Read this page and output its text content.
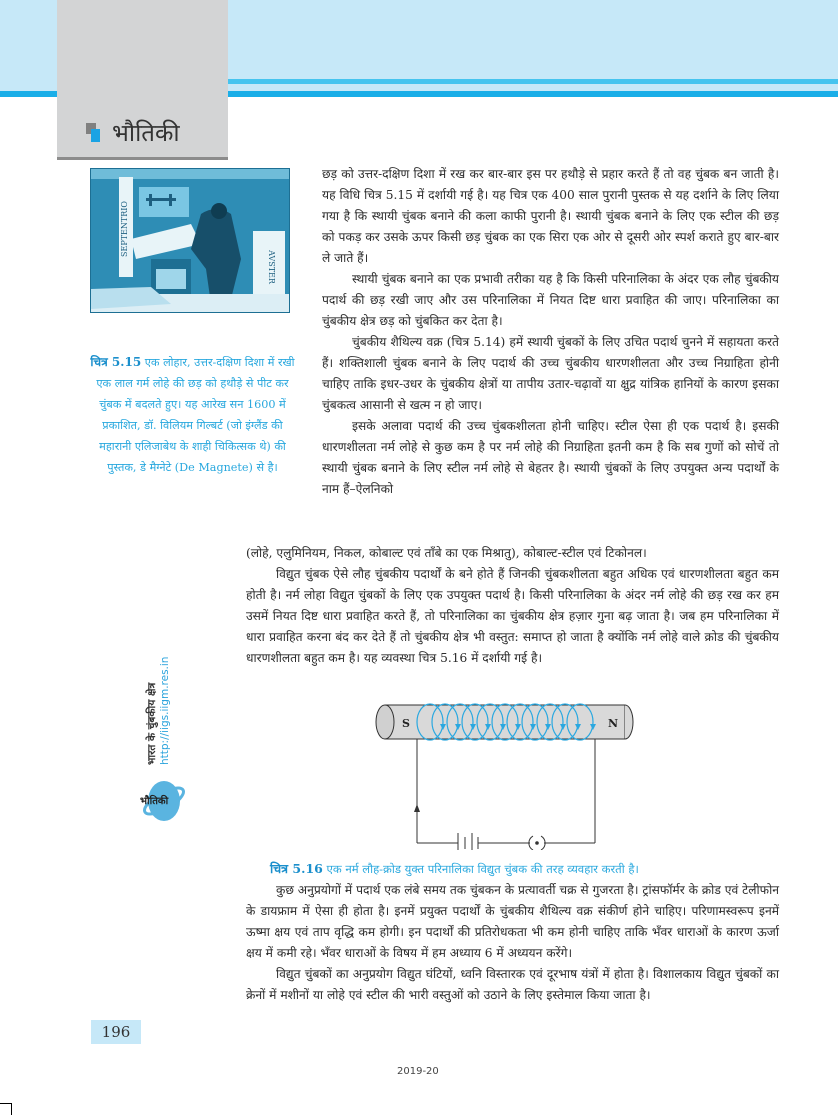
भौतिकी
SEPTENTRIO
AVSTER
चित्र 5.15 एक लोहार, उत्तर-दक्षिण दिशा में रखी एक लाल गर्म लोहे की छड़ को हथौड़े से पीट कर चुंबक में बदलते हुए। यह आरेख सन 1600 में प्रकाशित, डॉ. विलियम गिल्बर्ट (जो इंग्लैंड की महारानी एलिजाबेथ के शाही चिकित्सक थे) की पुस्तक, डे मैग्नेटे (De Magnete) से है।

छड़ को उत्तर-दक्षिण दिशा में रख कर बार-बार इस पर हथौड़े से प्रहार करते हैं तो वह चुंबक बन जाती है। यह विधि चित्र 5.15 में दर्शायी गई है। यह चित्र एक 400 साल पुरानी पुस्तक से यह दर्शाने के लिए लिया गया है कि स्थायी चुंबक बनाने की कला काफी पुरानी है। स्थायी चुंबक बनाने के लिए एक स्टील की छड़ को पकड़ कर उसके ऊपर किसी छड़ चुंबक का एक सिरा एक ओर से दूसरी ओर स्पर्श कराते हुए बार-बार ले जाते हैं।

स्थायी चुंबक बनाने का एक प्रभावी तरीका यह है कि किसी परिनालिका के अंदर एक लौह चुंबकीय पदार्थ की छड़ रखी जाए और उस परिनालिका में नियत दिष्ट धारा प्रवाहित की जाए। परिनालिका का चुंबकीय क्षेत्र छड़ को चुंबकित कर देता है।

चुंबकीय शैथिल्य वक्र (चित्र 5.14) हमें स्थायी चुंबकों के लिए उचित पदार्थ चुनने में सहायता करते हैं। शक्तिशाली चुंबक बनाने के लिए पदार्थ की उच्च चुंबकीय धारणशीलता और उच्च निग्राहिता होनी चाहिए ताकि इधर-उधर के चुंबकीय क्षेत्रों या तापीय उतार-चढ़ावों या क्षुद्र यांत्रिक हानियों के कारण इसका चुंबकत्व आसानी से खत्म न हो जाए।

इसके अलावा पदार्थ की उच्च चुंबकशीलता होनी चाहिए। स्टील ऐसा ही एक पदार्थ है। इसकी धारणशीलता नर्म लोहे से कुछ कम है पर नर्म लोहे की निग्राहिता इतनी कम है कि सब गुणों को सोचें तो स्थायी चुंबक बनाने के लिए स्टील नर्म लोहे से बेहतर है। स्थायी चुंबकों के लिए उपयुक्त अन्य पदार्थों के नाम हैं–ऐलनिको

(लोहे, एलुमिनियम, निकल, कोबाल्ट एवं ताँबे का एक मिश्रातु), कोबाल्ट-स्टील एवं टिकोनल।

विद्युत चुंबक ऐसे लौह चुंबकीय पदार्थों के बने होते हैं जिनकी चुंबकशीलता बहुत अधिक एवं धारणशीलता बहुत कम होती है। नर्म लोहा विद्युत चुंबकों के लिए एक उपयुक्त पदार्थ है। किसी परिनालिका के अंदर नर्म लोहे की छड़ रख कर हम उसमें नियत दिष्ट धारा प्रवाहित करते हैं, तो परिनालिका का चुंबकीय क्षेत्र हज़ार गुना बढ़ जाता है। जब हम परिनालिका में धारा प्रवाहित करना बंद कर देते हैं तो चुंबकीय क्षेत्र भी वस्तुत: समाप्त हो जाता है क्योंकि नर्म लोहे वाले क्रोड की चुंबकीय धारणशीलता बहुत कम है। यह व्यवस्था चित्र 5.16 में दर्शायी गई है।

भारत के चुंबकीय क्षेत्र http://iigs.iigm.res.in
भौतिकी
S	N
चित्र 5.16 एक नर्म लौह-क्रोड युक्त परिनालिका विद्युत चुंबक की तरह व्यवहार करती है।

कुछ अनुप्रयोगों में पदार्थ एक लंबे समय तक चुंबकन के प्रत्यावर्ती चक्र से गुजरता है। ट्रांसफॉर्मर के क्रोड एवं टेलीफोन के डायफ्राम में ऐसा ही होता है। इनमें प्रयुक्त पदार्थों के चुंबकीय शैथिल्य वक्र संकीर्ण होने चाहिए। परिणामस्वरूप इनमें ऊष्मा क्षय एवं ताप वृद्धि कम होगी। इन पदार्थों की प्रतिरोधकता भी कम होनी चाहिए ताकि भँवर धाराओं के कारण ऊर्जा क्षय में कमी रहे। भँवर धाराओं के विषय में हम अध्याय 6 में अध्ययन करेंगे।

विद्युत चुंबकों का अनुप्रयोग विद्युत घंटियों, ध्वनि विस्तारक एवं दूरभाष यंत्रों में होता है। विशालकाय विद्युत चुंबकों का क्रेनों में मशीनों या लोहे एवं स्टील की भारी वस्तुओं को उठाने के लिए इस्तेमाल किया जाता है।

196
2019-20
